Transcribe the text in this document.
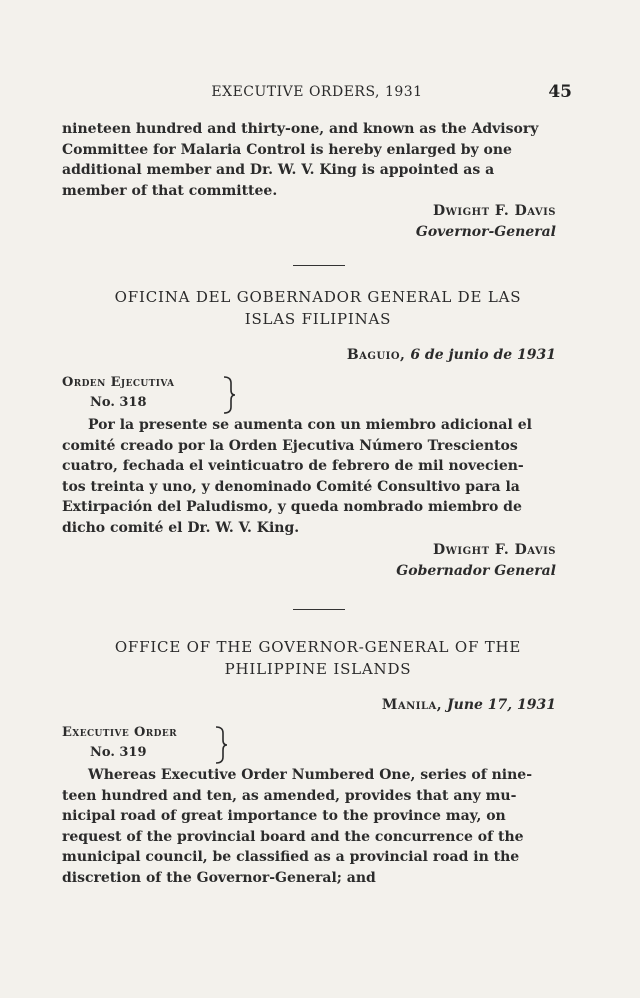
EXECUTIVE ORDERS, 1931	45
nineteen hundred and thirty-one, and known as the Advisory
Committee for Malaria Control is hereby enlarged by one
additional member and Dr. W. V. King is appointed as a
member of that committee.
Dwight F. Davis
Governor-General
OFICINA DEL GOBERNADOR GENERAL DE LAS
ISLAS FILIPINAS
Baguio, 6 de junio de 1931
Orden Ejecutiva
No. 318
Por la presente se aumenta con un miembro adicional el
comité creado por la Orden Ejecutiva Número Trescientos
cuatro, fechada el veinticuatro de febrero de mil novecien-
tos treinta y uno, y denominado Comité Consultivo para la
Extirpación del Paludismo, y queda nombrado miembro de
dicho comité el Dr. W. V. King.
Dwight F. Davis
Gobernador General
OFFICE OF THE GOVERNOR-GENERAL OF THE
PHILIPPINE ISLANDS
Manila, June 17, 1931
Executive Order
No. 319
Whereas Executive Order Numbered One, series of nine-
teen hundred and ten, as amended, provides that any mu-
nicipal road of great importance to the province may, on
request of the provincial board and the concurrence of the
municipal council, be classified as a provincial road in the
discretion of the Governor-General; and
